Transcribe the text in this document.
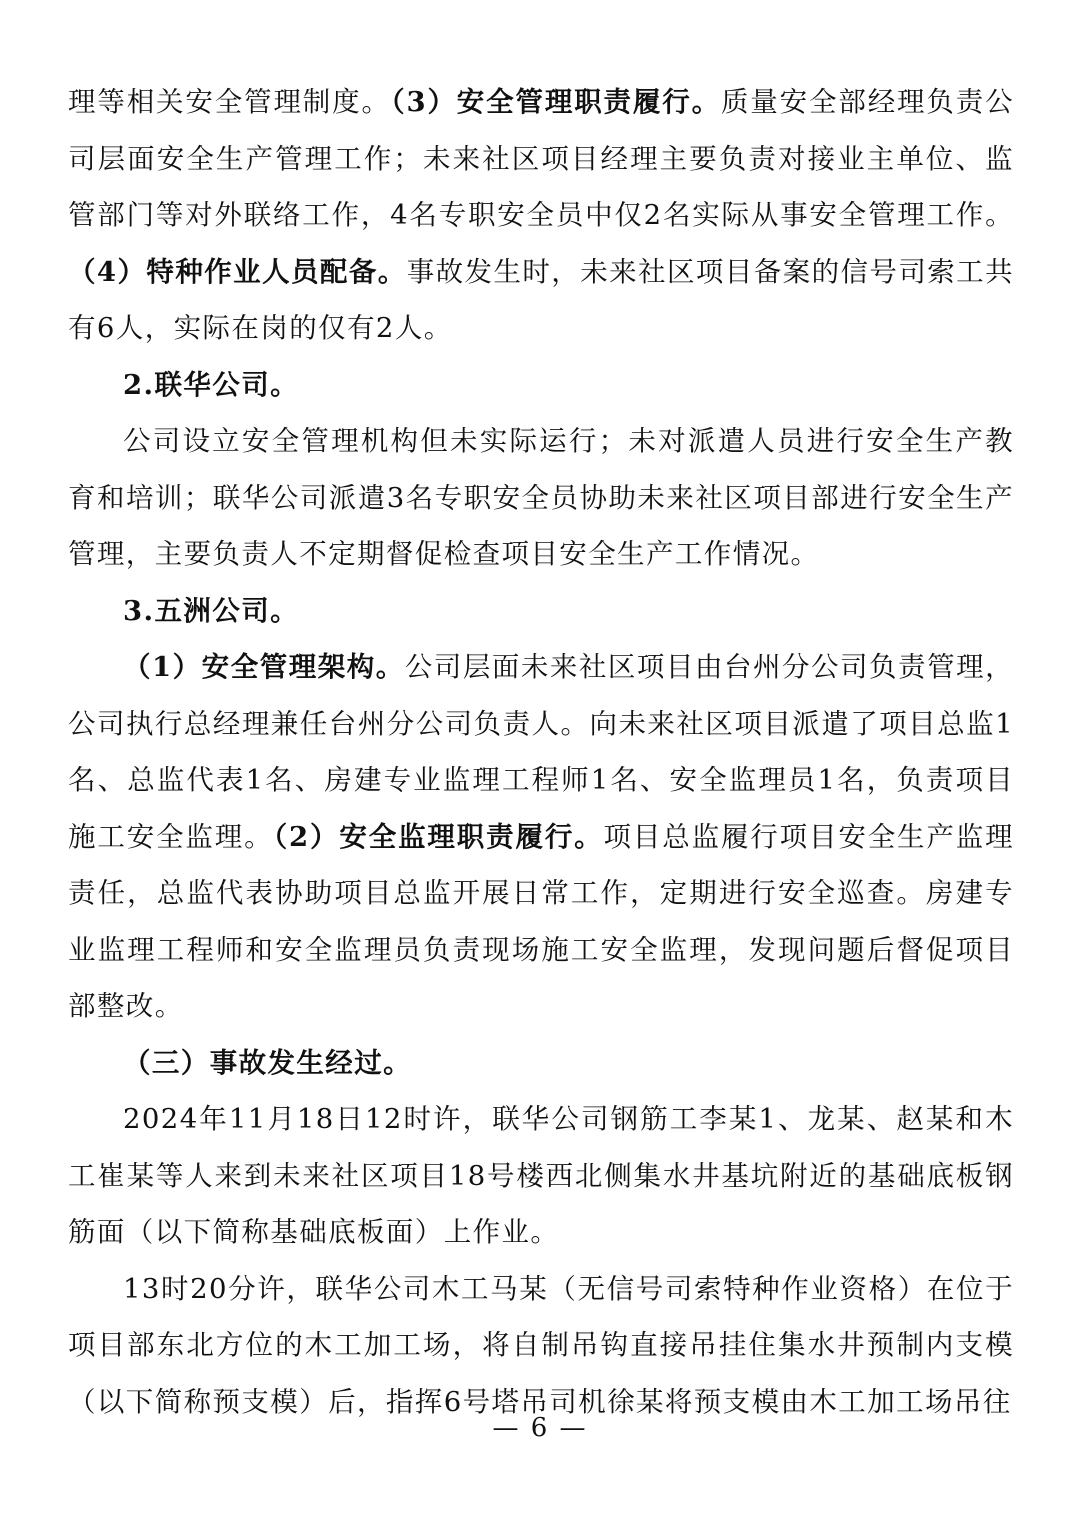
理等相关安全管理制度。（3）安全管理职责履行。质量安全部经理负责公司层面安全生产管理工作；未来社区项目经理主要负责对接业主单位、监管部门等对外联络工作，4名专职安全员中仅2名实际从事安全管理工作。（4）特种作业人员配备。事故发生时，未来社区项目备案的信号司索工共有6人，实际在岗的仅有2人。

2.联华公司。

公司设立安全管理机构但未实际运行；未对派遣人员进行安全生产教育和培训；联华公司派遣3名专职安全员协助未来社区项目部进行安全生产管理，主要负责人不定期督促检查项目安全生产工作情况。

3.五洲公司。

（1）安全管理架构。公司层面未来社区项目由台州分公司负责管理，公司执行总经理兼任台州分公司负责人。向未来社区项目派遣了项目总监1名、总监代表1名、房建专业监理工程师1名、安全监理员1名，负责项目施工安全监理。（2）安全监理职责履行。项目总监履行项目安全生产监理责任，总监代表协助项目总监开展日常工作，定期进行安全巡查。房建专业监理工程师和安全监理员负责现场施工安全监理，发现问题后督促项目部整改。

（三）事故发生经过。

2024年11月18日12时许，联华公司钢筋工李某1、龙某、赵某和木工崔某等人来到未来社区项目18号楼西北侧集水井基坑附近的基础底板钢筋面（以下简称基础底板面）上作业。

13时20分许，联华公司木工马某（无信号司索特种作业资格）在位于项目部东北方位的木工加工场，将自制吊钩直接吊挂住集水井预制内支模（以下简称预支模）后，指挥6号塔吊司机徐某将预支模由木工加工场吊往

— 6 —
